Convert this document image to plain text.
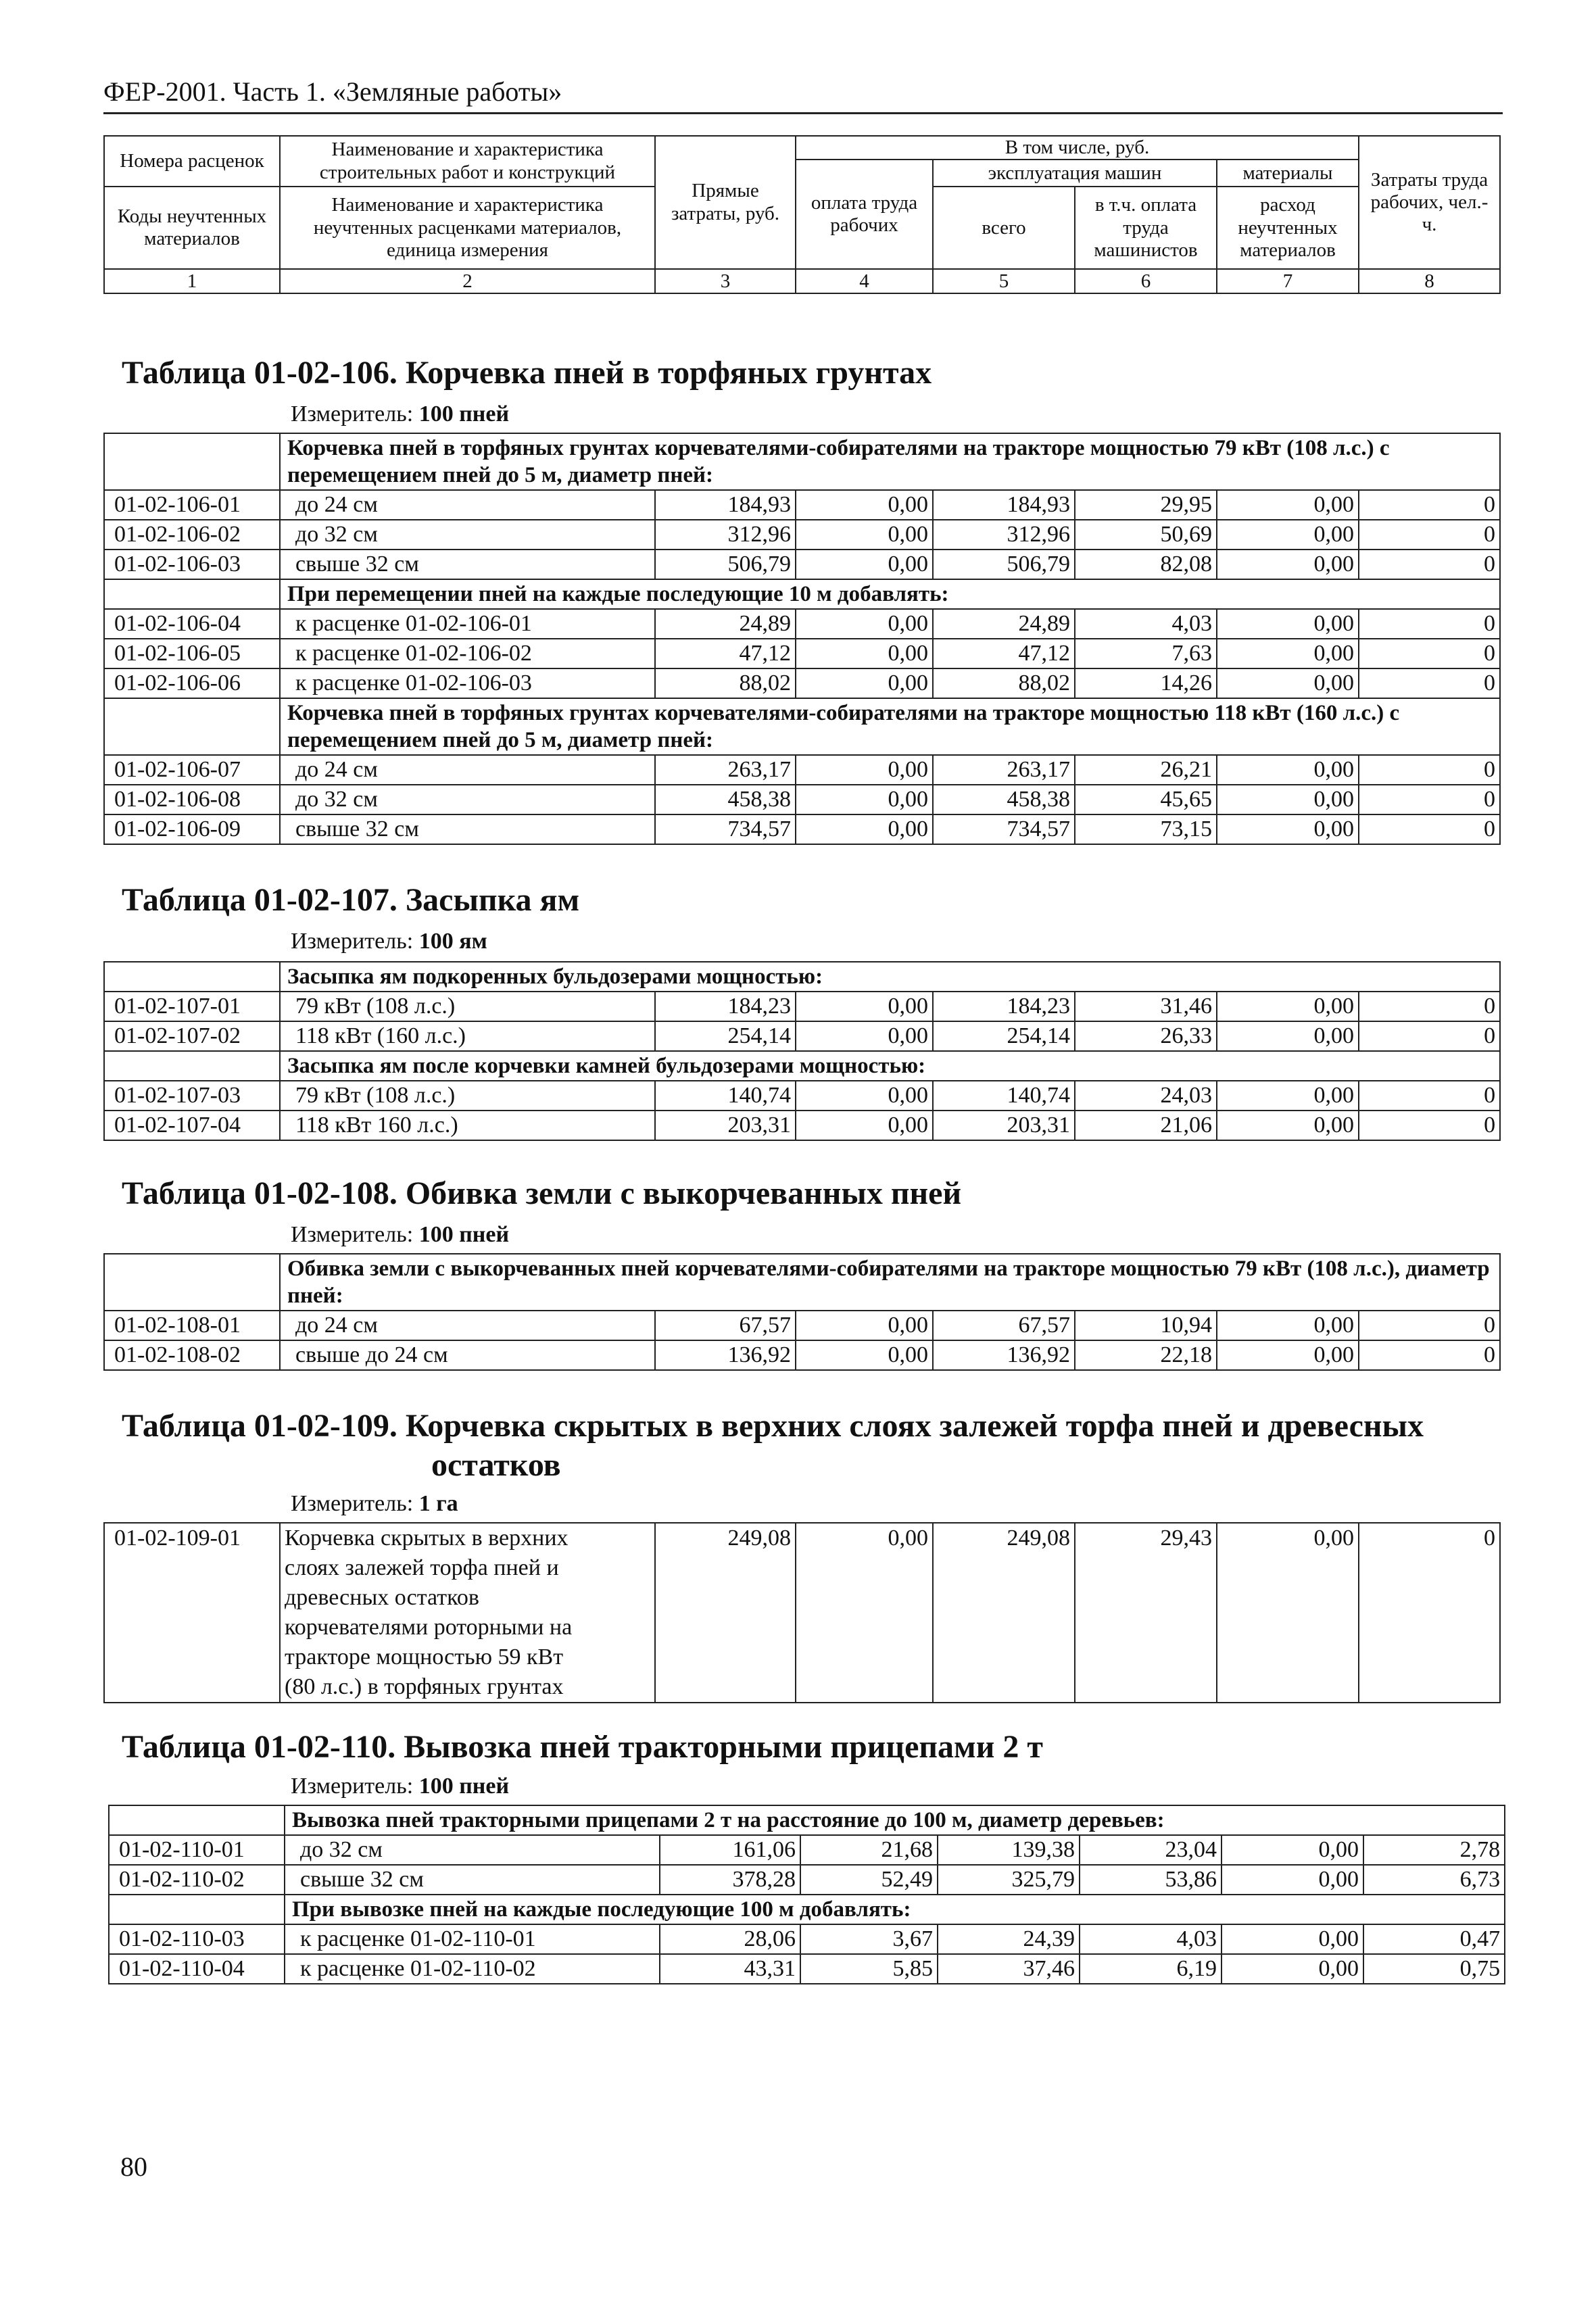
ФЕР-2001. Часть 1. «Земляные работы»
Номера расценок	Наименование и характеристика строительных работ и конструкций	Прямые затраты, руб.	В том числе, руб.				Затраты труда рабочих, чел.-ч.
			оплата труда рабочих	эксплуатация машин		материалы	
Коды неучтенных материалов	Наименование и характеристика неучтенных расценками материалов, единица измерения			всего	в т.ч. оплата труда машинистов	расход неучтенных материалов	

1	2	3	4	5	6	7	8
Таблица 01-02-106. Корчевка пней в торфяных грунтах
Измеритель: 100 пней
	Корчевка пней в торфяных грунтах корчевателями-собирателями на тракторе мощностью 79 кВт (108 л.с.) с перемещением пней до 5 м, диаметр пней:						
01-02-106-01	до 24 см	184,93	0,00	184,93	29,95	0,00	0
01-02-106-02	до 32 см	312,96	0,00	312,96	50,69	0,00	0
01-02-106-03	свыше 32 см	506,79	0,00	506,79	82,08	0,00	0
	При перемещении пней на каждые последующие 10 м добавлять:						
01-02-106-04	к расценке 01-02-106-01	24,89	0,00	24,89	4,03	0,00	0
01-02-106-05	к расценке 01-02-106-02	47,12	0,00	47,12	7,63	0,00	0
01-02-106-06	к расценке 01-02-106-03	88,02	0,00	88,02	14,26	0,00	0
	Корчевка пней в торфяных грунтах корчевателями-собирателями на тракторе мощностью 118 кВт (160 л.с.) с перемещением пней до 5 м, диаметр пней:						
01-02-106-07	до 24 см	263,17	0,00	263,17	26,21	0,00	0
01-02-106-08	до 32 см	458,38	0,00	458,38	45,65	0,00	0
01-02-106-09	свыше 32 см	734,57	0,00	734,57	73,15	0,00	0
Таблица 01-02-107. Засыпка ям
Измеритель: 100 ям
	Засыпка ям подкоренных бульдозерами мощностью:						
01-02-107-01	79 кВт (108 л.с.)	184,23	0,00	184,23	31,46	0,00	0
01-02-107-02	118 кВт (160 л.с.)	254,14	0,00	254,14	26,33	0,00	0
	Засыпка ям после корчевки камней бульдозерами мощностью:						
01-02-107-03	79 кВт (108 л.с.)	140,74	0,00	140,74	24,03	0,00	0
01-02-107-04	118 кВт 160 л.с.)	203,31	0,00	203,31	21,06	0,00	0
Таблица 01-02-108. Обивка земли с выкорчеванных пней
Измеритель: 100 пней
	Обивка земли с выкорчеванных пней корчевателями-собирателями на тракторе мощностью 79 кВт (108 л.с.), диаметр пней:						
01-02-108-01	до 24 см	67,57	0,00	67,57	10,94	0,00	0
01-02-108-02	свыше до 24 см	136,92	0,00	136,92	22,18	0,00	0
Таблица 01-02-109. Корчевка скрытых в верхних слоях залежей торфа пней и древесных
остатков
Измеритель: 1 га
01-02-109-01	Корчевка скрытых в верхних слоях залежей торфа пней и древесных остатков корчевателями роторными на тракторе мощностью 59 кВт (80 л.с.) в торфяных грунтах	249,08	0,00	249,08	29,43	0,00	0
Таблица 01-02-110. Вывозка пней тракторными прицепами 2 т
Измеритель: 100 пней
	Вывозка пней тракторными прицепами 2 т на расстояние до 100 м, диаметр деревьев:						
01-02-110-01	до 32 см	161,06	21,68	139,38	23,04	0,00	2,78
01-02-110-02	свыше 32 см	378,28	52,49	325,79	53,86	0,00	6,73
	При вывозке пней на каждые последующие 100 м добавлять:						
01-02-110-03	к расценке 01-02-110-01	28,06	3,67	24,39	4,03	0,00	0,47
01-02-110-04	к расценке 01-02-110-02	43,31	5,85	37,46	6,19	0,00	0,75
80
